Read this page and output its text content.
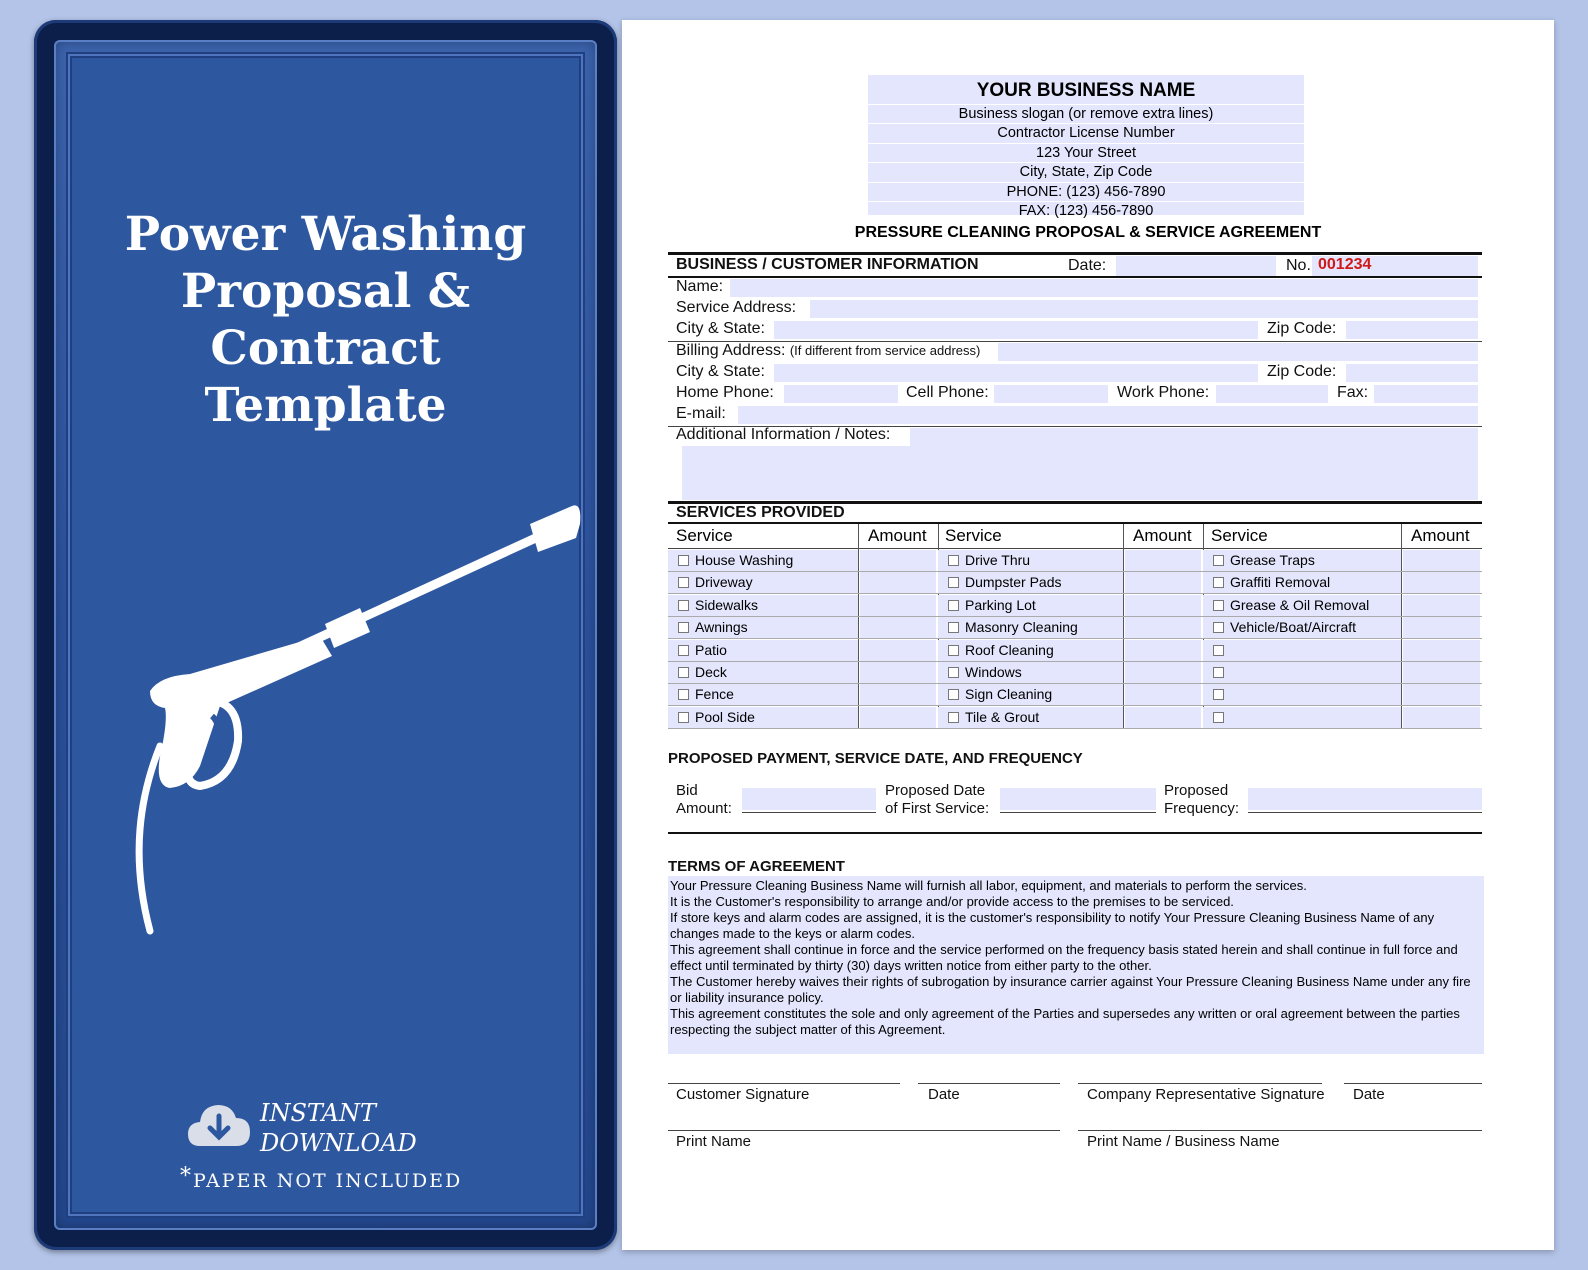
Power Washing
Proposal & Contract
Template
INSTANT
DOWNLOAD
*PAPER NOT INCLUDED
YOUR BUSINESS NAME
Business slogan (or remove extra lines)
Contractor License Number
123 Your Street
City, State, Zip Code
PHONE: (123) 456-7890
FAX: (123) 456-7890
PRESSURE CLEANING PROPOSAL & SERVICE AGREEMENT
BUSINESS / CUSTOMER INFORMATION	Date:	No. 001234
Name:
Service Address:
City & State:	Zip Code:
Billing Address: (If different from service address)
City & State:	Zip Code:
Home Phone:	Cell Phone:	Work Phone:	Fax:
E-mail:
Additional Information / Notes:
SERVICES PROVIDED
Service	Amount Service	Amount Service	Amount
House Washing	Drive Thru	Grease Traps
Driveway	Dumpster Pads	Graffiti Removal
Sidewalks	Parking Lot	Grease & Oil Removal
Awnings	Masonry Cleaning	Vehicle/Boat/Aircraft
Patio	Roof Cleaning
Deck	Windows
Fence	Sign Cleaning
Pool Side	Tile & Grout
PROPOSED PAYMENT, SERVICE DATE, AND FREQUENCY
Bid
Amount:
Proposed Date
of First Service:
Proposed
Frequency:
TERMS OF AGREEMENT

Your Pressure Cleaning Business Name will furnish all labor, equipment, and materials to perform the services.

It is the Customer's responsibility to arrange and/or provide access to the premises to be serviced.

If store keys and alarm codes are assigned, it is the customer's responsibility to notify Your Pressure Cleaning Business Name of any changes made to the keys or alarm codes.

This agreement shall continue in force and the service performed on the frequency basis stated herein and shall continue in full force and effect until terminated by thirty (30) days written notice from either party to the other.

The Customer hereby waives their rights of subrogation by insurance carrier against Your Pressure Cleaning Business Name under any fire or liability insurance policy.

This agreement constitutes the sole and only agreement of the Parties and supersedes any written or oral agreement between the parties respecting the subject matter of this Agreement.

Customer Signature	Date	Company Representative Signature Date
Print Name	Print Name / Business Name
